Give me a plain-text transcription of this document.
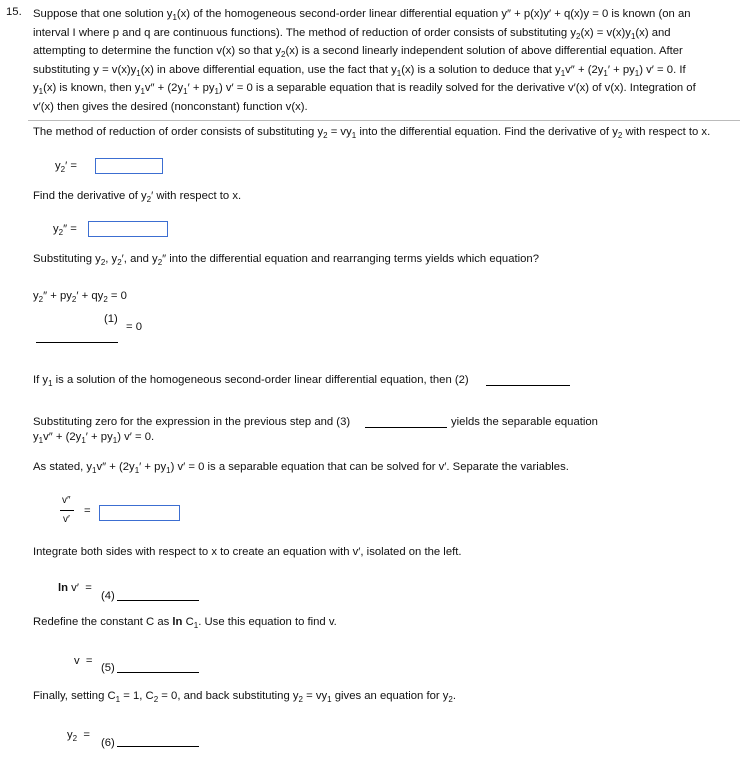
15. Suppose that one solution $y_1(x)$ of the homogeneous second-order linear differential equation y″ + p(x)y′ + q(x)y = 0 is known (on an
interval I where p and q are continuous functions). The method of reduction of order consists of substituting $y_2(x) = v(x)y_1(x)$ and
attempting to determine the function v(x) so that $y_2(x)$ is a second linearly independent solution of above differential equation. After
substituting $y = v(x)y_1(x)$ in above differential equation, use the fact that $y_1(x)$ is a solution to deduce that $y_1v'' + (2y_1' + py_1) v' = 0$. If
$y_1(x)$ is known, then $y_1v'' + (2y_1' + py_1) v' = 0$ is a separable equation that is readily solved for the derivative v′(x) of v(x). Integration of
v′(x) then gives the desired (nonconstant) function v(x).
The method of reduction of order consists of substituting $y_2 = vy_1$ into the differential equation. Find the derivative of $y_2$ with respect to x.
$y_2'$ =
Find the derivative of $y_2'$ with respect to x.
$y_2''$ =
Substituting $y_2$, $y_2'$, and $y_2''$ into the differential equation and rearranging terms yields which equation?
$y_2'' + py_2' + qy_2 = 0$
(1)
= 0
If $y_1$ is a solution of the homogeneous second-order linear differential equation, then (2)
Substituting zero for the expression in the previous step and (3)	yields the separable equation
$y_1v'' + (2y_1' + py_1) v' = 0$.
As stated, $y_1v'' + (2y_1' + py_1) v' = 0$ is a separable equation that can be solved for v′. Separate the variables.
v″
v′
=
Integrate both sides with respect to x to create an equation with v′, isolated on the left.
ln v′  =
(4)
Redefine the constant C as $\ln C_1$. Use this equation to find v.
v  =
(5)
Finally, setting $C_1 = 1$, $C_2 = 0$, and back substituting $y_2 = vy_1$ gives an equation for $y_2$.
$y_2$  =
(6)
